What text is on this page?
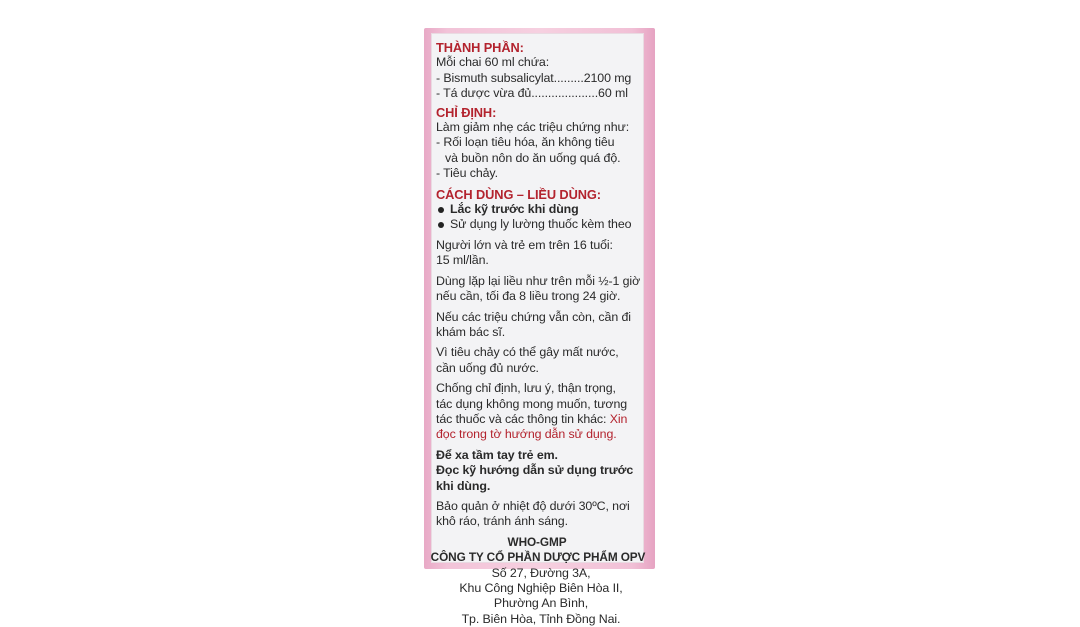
THÀNH PHẦN:
Mỗi chai 60 ml chứa:
- Bismuth subsalicylat.........2100 mg
- Tá dược vừa đủ....................60 ml
CHỈ ĐỊNH:
Làm giảm nhẹ các triệu chứng như:
- Rối loạn tiêu hóa, ăn không tiêu
và buồn nôn do ăn uống quá độ.
- Tiêu chảy.
CÁCH DÙNG – LIỀU DÙNG:
Lắc kỹ trước khi dùng
Sử dụng ly lường thuốc kèm theo
Người lớn và trẻ em trên 16 tuổi:
15 ml/lần.
Dùng lặp lại liều như trên mỗi ½-1 giờ
nếu cần, tối đa 8 liều trong 24 giờ.
Nếu các triệu chứng vẫn còn, cần đi
khám bác sĩ.
Vì tiêu chảy có thể gây mất nước,
cần uống đủ nước.
Chống chỉ định, lưu ý, thận trọng,
tác dụng không mong muốn, tương
tác thuốc và các thông tin khác: Xin
đọc trong tờ hướng dẫn sử dụng.
Để xa tầm tay trẻ em.
Đọc kỹ hướng dẫn sử dụng trước
khi dùng.
Bảo quản ở nhiệt độ dưới 30ºC, nơi
khô ráo, tránh ánh sáng.
WHO-GMP
CÔNG TY CỔ PHẦN DƯỢC PHẨM OPV
Số 27, Đường 3A,
Khu Công Nghiệp Biên Hòa II,
Phường An Bình,
Tp. Biên Hòa, Tỉnh Đồng Nai.
